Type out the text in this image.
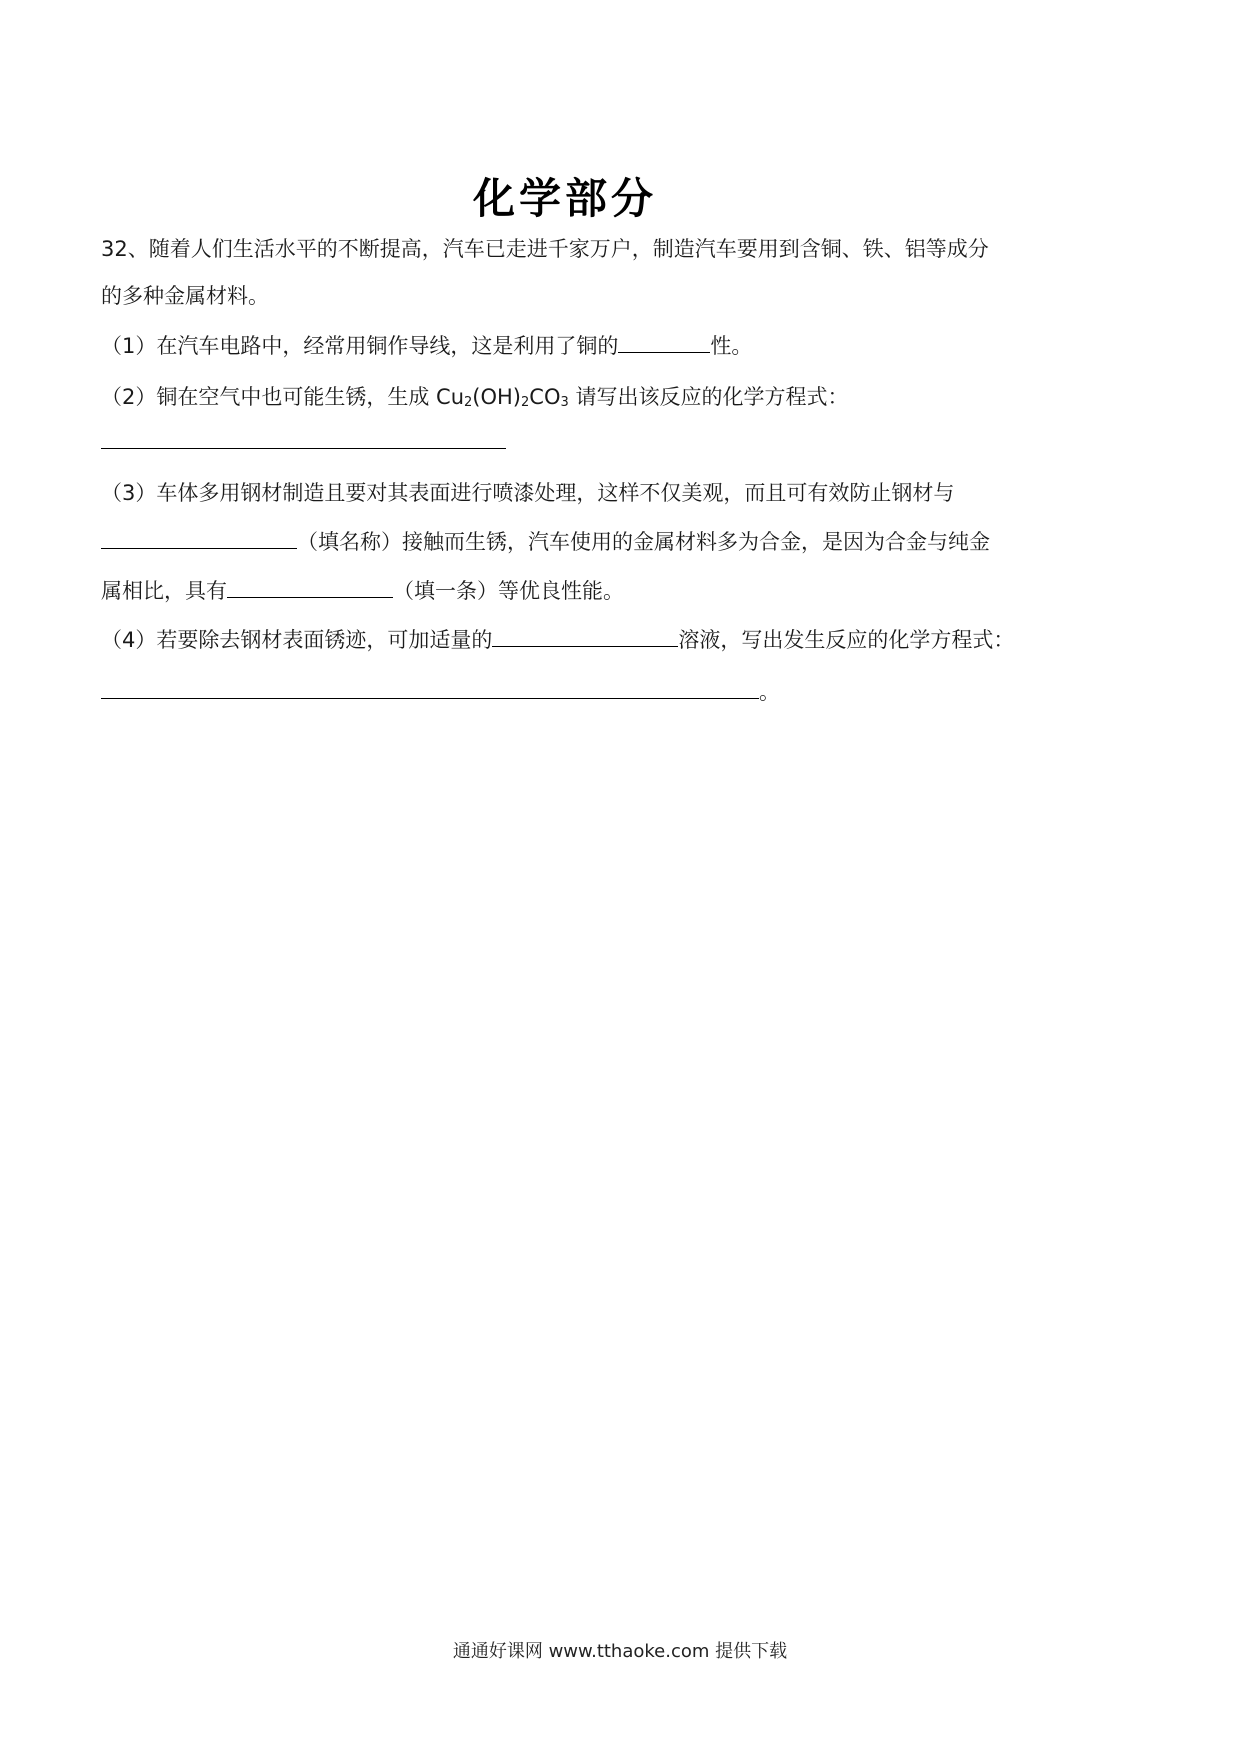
化学部分
32、随着人们生活水平的不断提高，汽车已走进千家万户，制造汽车要用到含铜、铁、铝等成分
的多种金属材料。
（1）在汽车电路中，经常用铜作导线，这是利用了铜的	性。
（2）铜在空气中也可能生锈，生成 $Cu_2(OH)_2CO_3$ 请写出该反应的化学方程式：
（3）车体多用钢材制造且要对其表面进行喷漆处理，这样不仅美观，而且可有效防止钢材与
（填名称）接触而生锈，汽车使用的金属材料多为合金，是因为合金与纯金
属相比，具有	（填一条）等优良性能。
（4）若要除去钢材表面锈迹，可加适量的	溶液，写出发生反应的化学方程式：
。
通通好课网 www.tthaoke.com 提供下载
